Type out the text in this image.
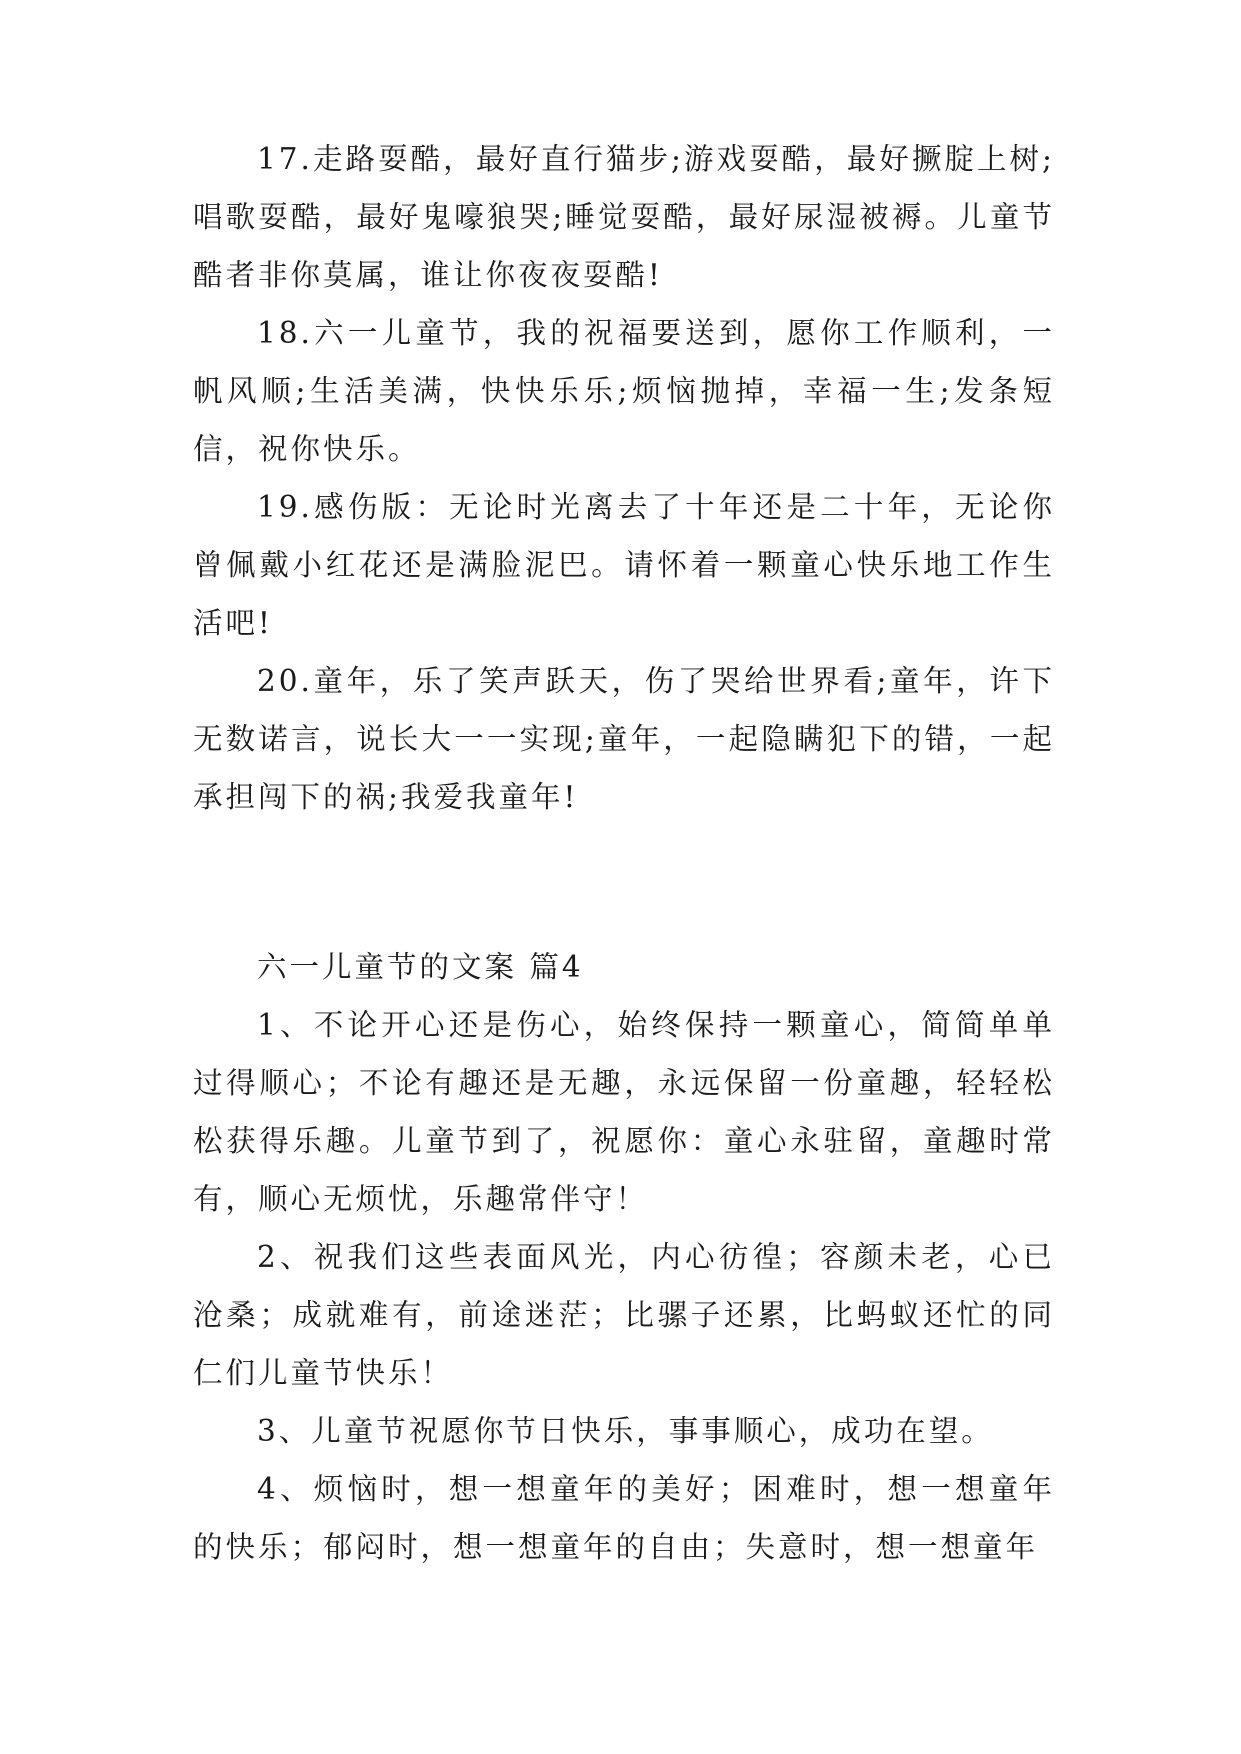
17.走路耍酷，最好直行猫步;游戏耍酷，最好撅腚上树;唱歌耍酷，最好鬼嚎狼哭;睡觉耍酷，最好尿湿被褥。儿童节酷者非你莫属，谁让你夜夜耍酷!

18.六一儿童节，我的祝福要送到，愿你工作顺利，一帆风顺;生活美满，快快乐乐;烦恼抛掉，幸福一生;发条短信，祝你快乐。

19.感伤版：无论时光离去了十年还是二十年，无论你曾佩戴小红花还是满脸泥巴。请怀着一颗童心快乐地工作生活吧!

20.童年，乐了笑声跃天，伤了哭给世界看;童年，许下无数诺言，说长大一一实现;童年，一起隐瞒犯下的错，一起承担闯下的祸;我爱我童年!

六一儿童节的文案 篇4

1、不论开心还是伤心，始终保持一颗童心，简简单单过得顺心；不论有趣还是无趣，永远保留一份童趣，轻轻松松获得乐趣。儿童节到了，祝愿你：童心永驻留，童趣时常有，顺心无烦忧，乐趣常伴守！

2、祝我们这些表面风光，内心彷徨；容颜未老，心已沧桑；成就难有，前途迷茫；比骡子还累，比蚂蚁还忙的同仁们儿童节快乐！

3、儿童节祝愿你节日快乐，事事顺心，成功在望。

4、烦恼时，想一想童年的美好；困难时，想一想童年的快乐；郁闷时，想一想童年的自由；失意时，想一想童年
